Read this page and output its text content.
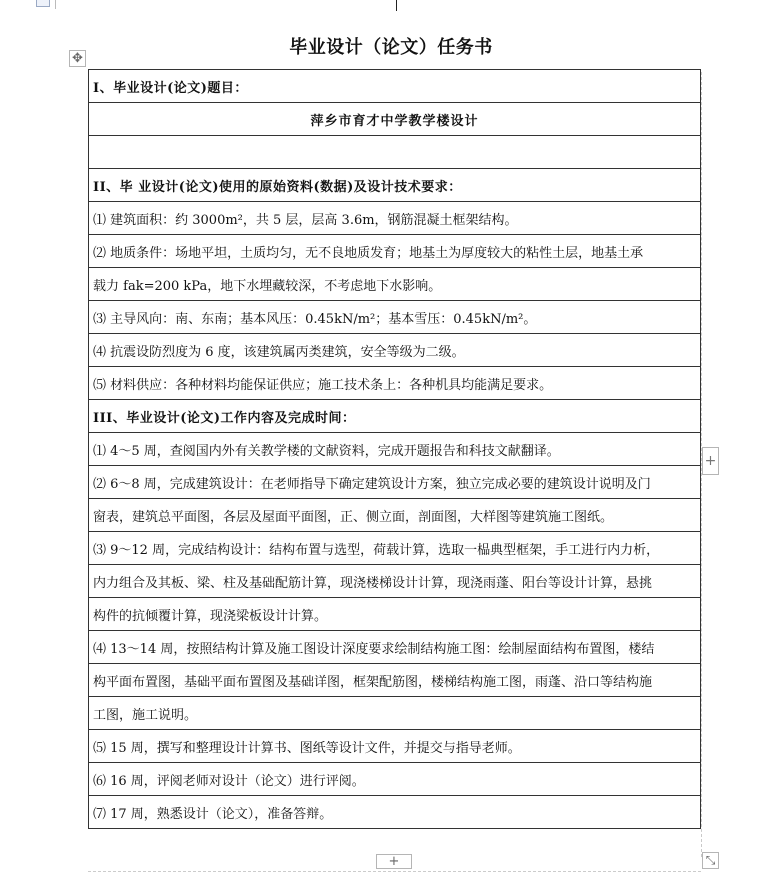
毕业设计（论文）任务书
✥
I、毕业设计(论文)题目：
萍乡市育才中学教学楼设计

II、毕 业设计(论文)使用的原始资料(数据)及设计技术要求：
⑴ 建筑面积：约 3000m²，共 5 层，层高 3.6m，钢筋混凝土框架结构。
⑵ 地质条件：场地平坦，土质均匀，无不良地质发育；地基土为厚度较大的粘性土层，地基土承
载力 fak=200 kPa，地下水埋藏较深，不考虑地下水影响。
⑶ 主导风向：南、东南；基本风压：0.45kN/m²；基本雪压：0.45kN/m²。
⑷ 抗震设防烈度为 6 度，该建筑属丙类建筑，安全等级为二级。
⑸ 材料供应：各种材料均能保证供应；施工技术条上：各种机具均能满足要求。
III、毕业设计(论文)工作内容及完成时间：
⑴ 4～5 周，查阅国内外有关教学楼的文献资料，完成开题报告和科技文献翻译。
⑵ 6～8 周，完成建筑设计：在老师指导下确定建筑设计方案，独立完成必要的建筑设计说明及门
窗表，建筑总平面图，各层及屋面平面图，正、侧立面，剖面图，大样图等建筑施工图纸。
⑶ 9～12 周，完成结构设计：结构布置与选型，荷载计算，选取一榀典型框架，手工进行内力析，
内力组合及其板、梁、柱及基础配筋计算，现浇楼梯设计计算，现浇雨蓬、阳台等设计计算，悬挑
构件的抗倾覆计算，现浇梁板设计计算。
⑷ 13～14 周，按照结构计算及施工图设计深度要求绘制结构施工图：绘制屋面结构布置图，楼结
构平面布置图，基础平面布置图及基础详图，框架配筋图，楼梯结构施工图，雨蓬、沿口等结构施
工图，施工说明。
⑸ 15 周，撰写和整理设计计算书、图纸等设计文件，并提交与指导老师。
⑹ 16 周，评阅老师对设计（论文）进行评阅。
⑺ 17 周，熟悉设计（论文），准备答辩。
+
+	⤡
